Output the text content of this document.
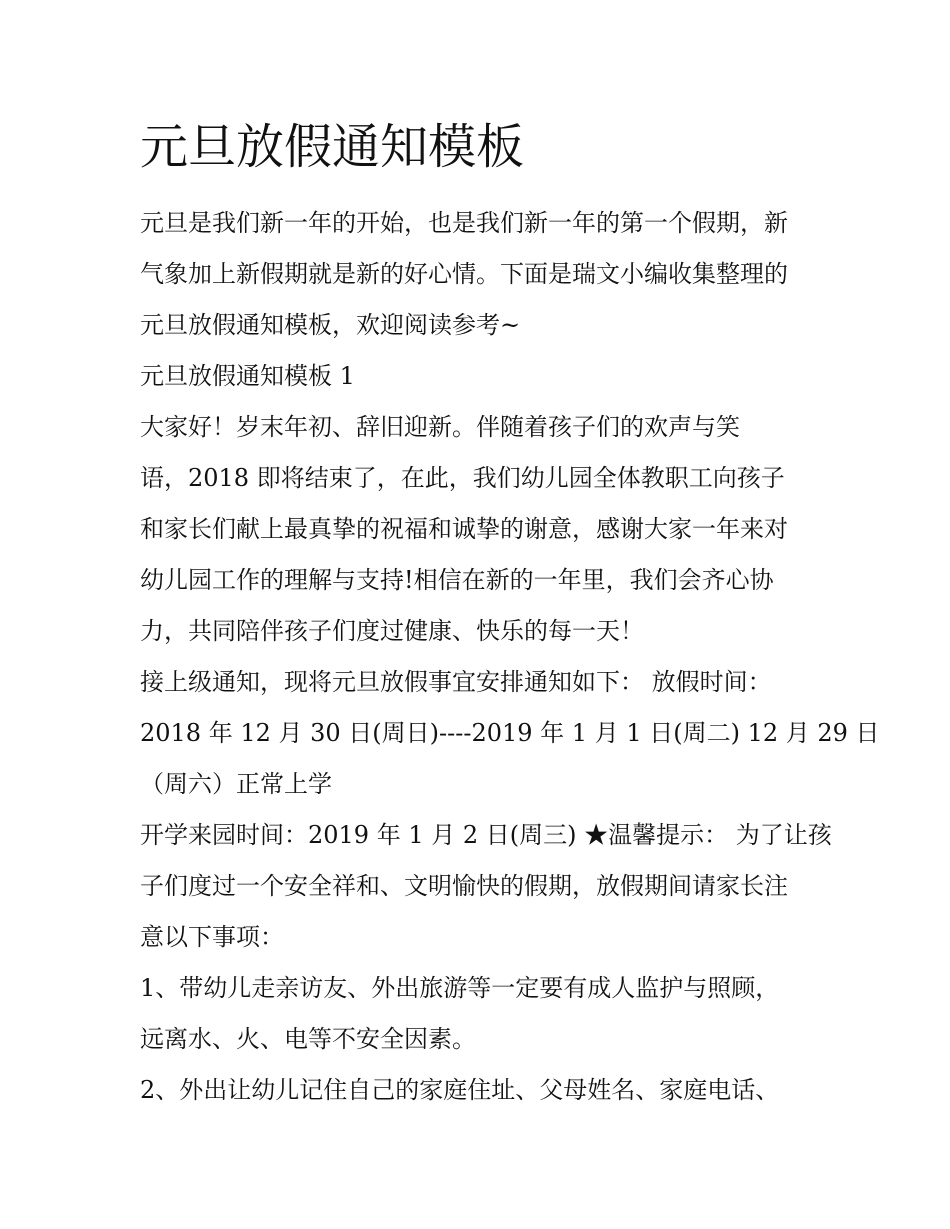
元旦放假通知模板
元旦是我们新一年的开始，也是我们新一年的第一个假期，新
气象加上新假期就是新的好心情。下面是瑞文小编收集整理的
元旦放假通知模板，欢迎阅读参考~
元旦放假通知模板 1
大家好！岁末年初、辞旧迎新。伴随着孩子们的欢声与笑
语，2018 即将结束了，在此，我们幼儿园全体教职工向孩子
和家长们献上最真挚的祝福和诚挚的谢意，感谢大家一年来对
幼儿园工作的理解与支持!相信在新的一年里，我们会齐心协
力，共同陪伴孩子们度过健康、快乐的每一天！
接上级通知，现将元旦放假事宜安排通知如下： 放假时间：
2018 年 12 月 30 日(周日)----2019 年 1 月 1 日(周二) 12 月 29 日
（周六）正常上学
开学来园时间：2019 年 1 月 2 日(周三) ★温馨提示： 为了让孩
子们度过一个安全祥和、文明愉快的假期，放假期间请家长注
意以下事项：
1、带幼儿走亲访友、外出旅游等一定要有成人监护与照顾，
远离水、火、电等不安全因素。
2、外出让幼儿记住自己的家庭住址、父母姓名、家庭电话、
